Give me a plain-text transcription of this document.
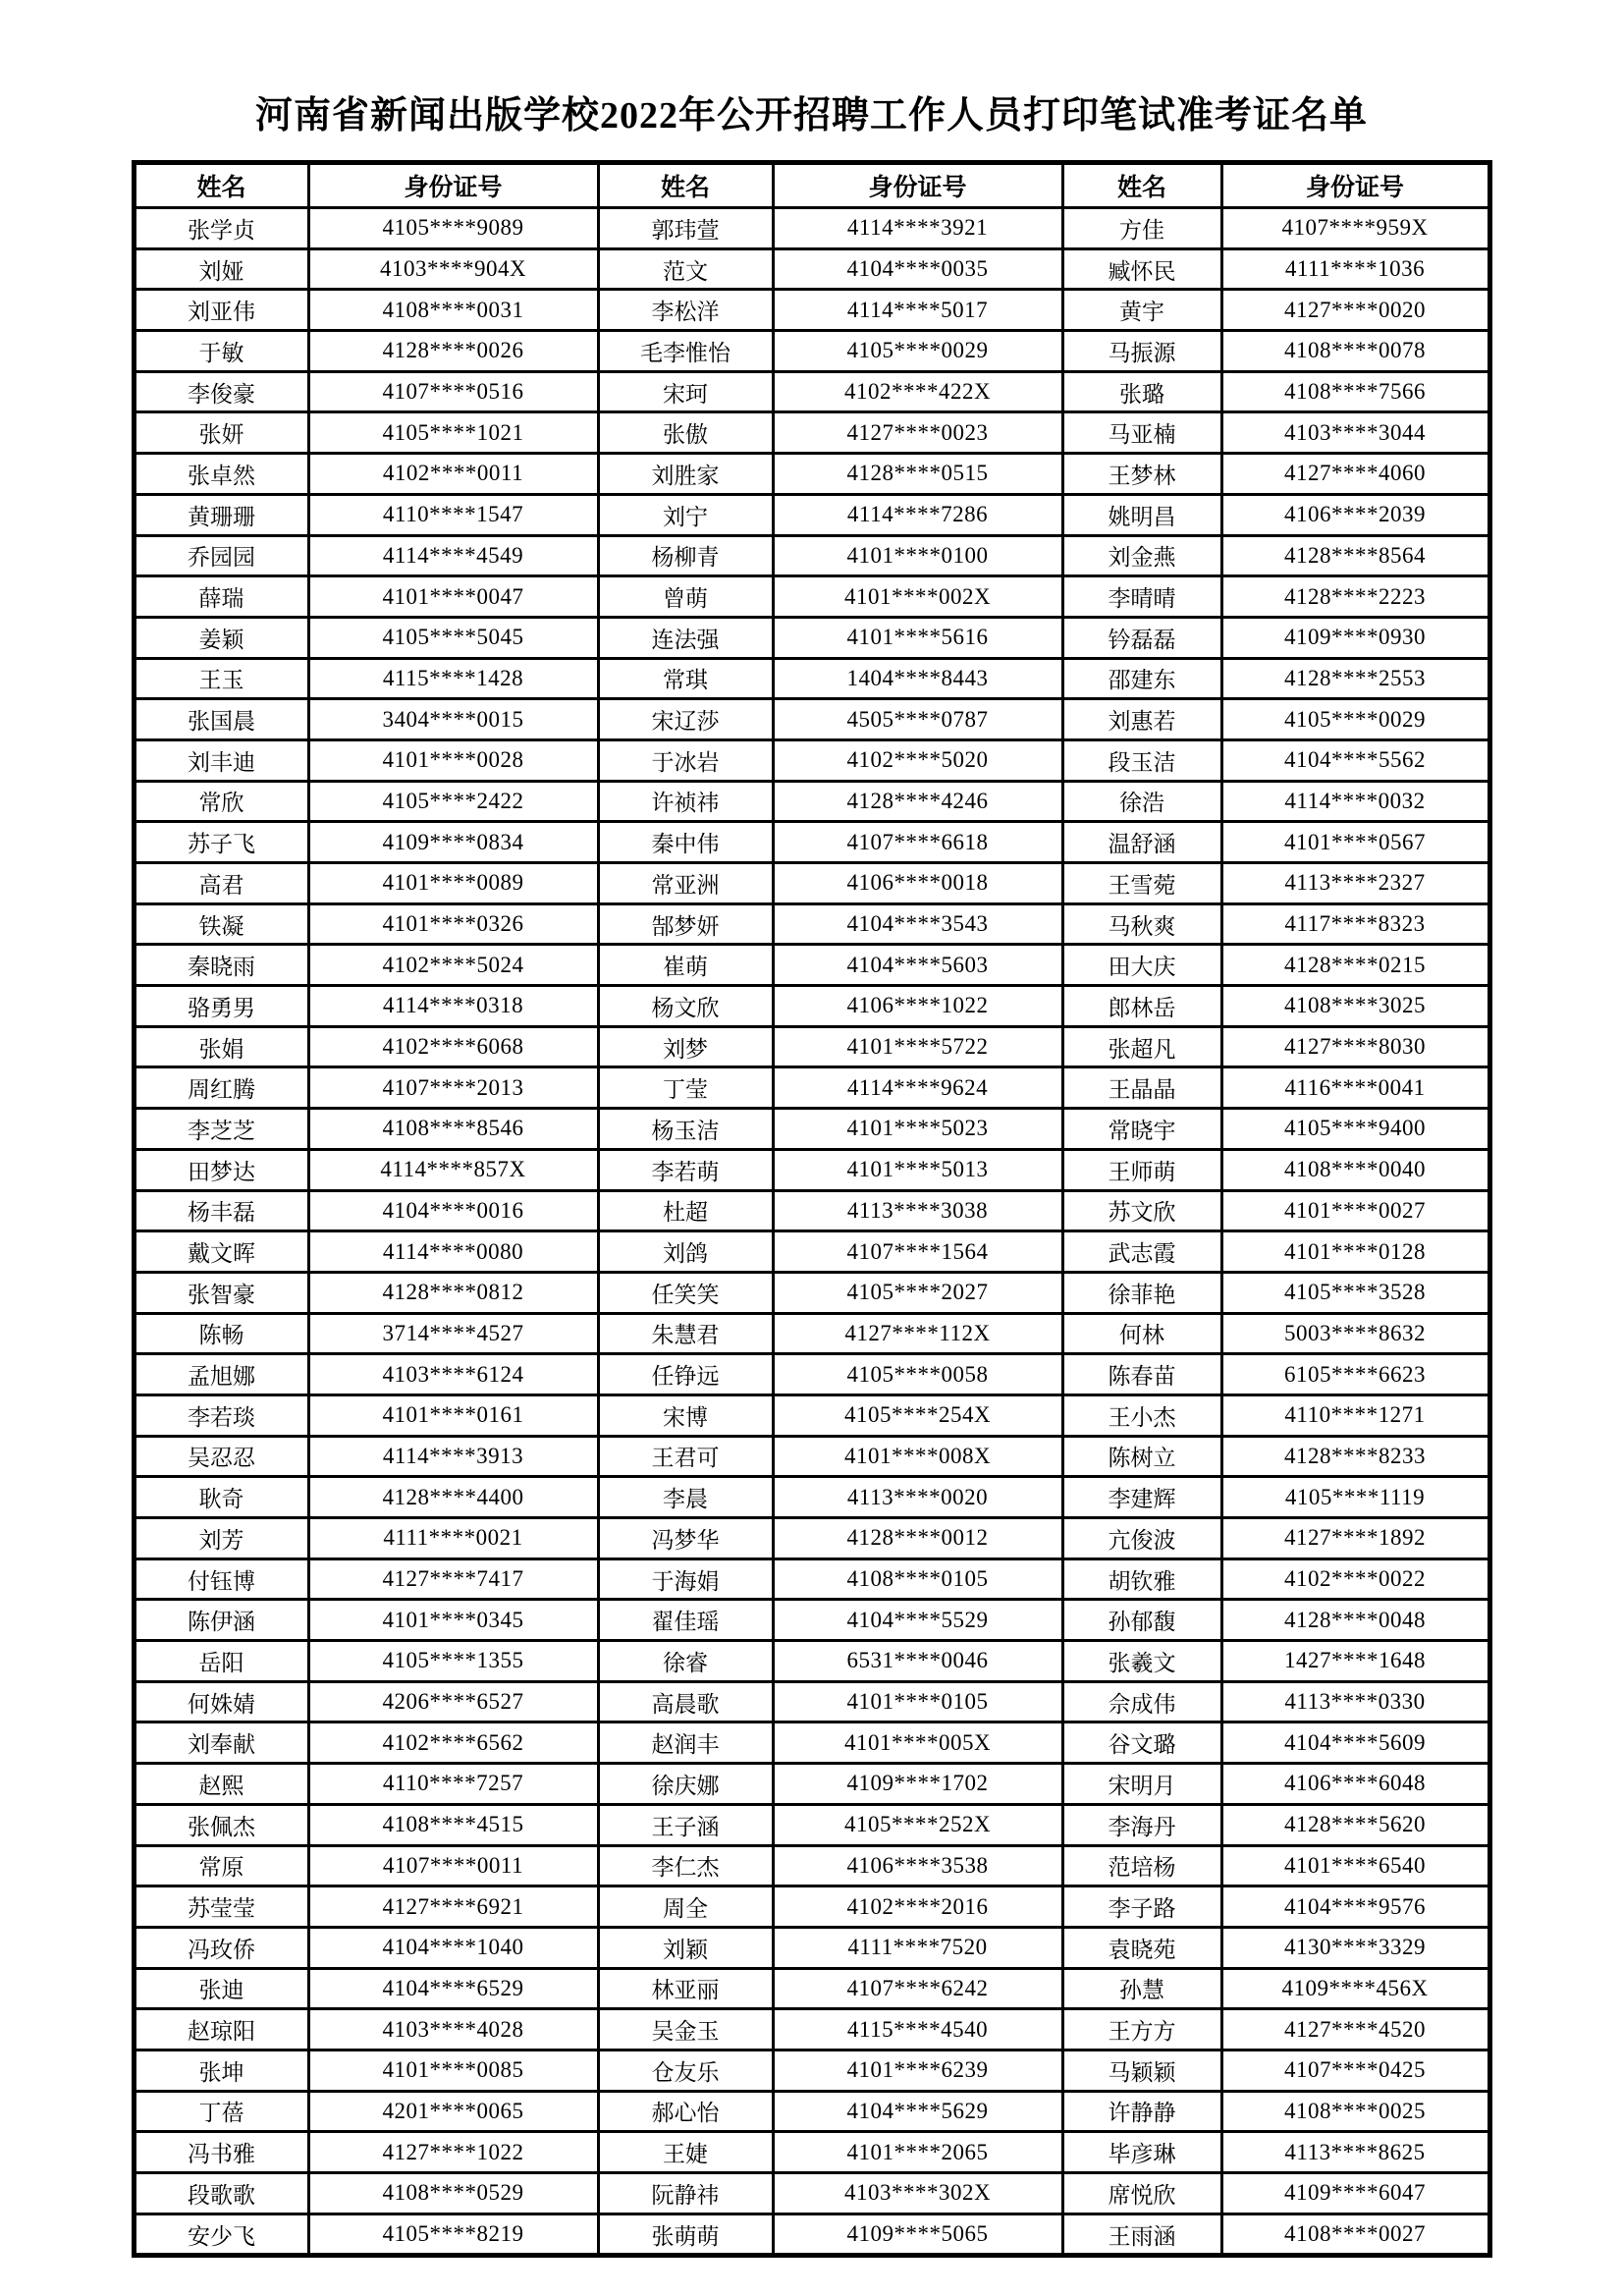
河南省新闻出版学校2022年公开招聘工作人员打印笔试准考证名单
姓名	身份证号	姓名	身份证号	姓名	身份证号
张学贞	4105****9089	郭玮萱	4114****3921	方佳	4107****959X
刘娅	4103****904X	范文	4104****0035	臧怀民	4111****1036
刘亚伟	4108****0031	李松洋	4114****5017	黄宇	4127****0020
于敏	4128****0026	毛李惟怡	4105****0029	马振源	4108****0078
李俊豪	4107****0516	宋珂	4102****422X	张璐	4108****7566
张妍	4105****1021	张傲	4127****0023	马亚楠	4103****3044
张卓然	4102****0011	刘胜家	4128****0515	王梦林	4127****4060
黄珊珊	4110****1547	刘宁	4114****7286	姚明昌	4106****2039
乔园园	4114****4549	杨柳青	4101****0100	刘金燕	4128****8564
薛瑞	4101****0047	曾萌	4101****002X	李晴晴	4128****2223
姜颖	4105****5045	连法强	4101****5616	钤磊磊	4109****0930
王玉	4115****1428	常琪	1404****8443	邵建东	4128****2553
张国晨	3404****0015	宋辽莎	4505****0787	刘惠若	4105****0029
刘丰迪	4101****0028	于冰岩	4102****5020	段玉洁	4104****5562
常欣	4105****2422	许祯祎	4128****4246	徐浩	4114****0032
苏子飞	4109****0834	秦中伟	4107****6618	温舒涵	4101****0567
高君	4101****0089	常亚洲	4106****0018	王雪菀	4113****2327
铁凝	4101****0326	郜梦妍	4104****3543	马秋爽	4117****8323
秦晓雨	4102****5024	崔萌	4104****5603	田大庆	4128****0215
骆勇男	4114****0318	杨文欣	4106****1022	郎林岳	4108****3025
张娟	4102****6068	刘梦	4101****5722	张超凡	4127****8030
周红腾	4107****2013	丁莹	4114****9624	王晶晶	4116****0041
李芝芝	4108****8546	杨玉洁	4101****5023	常晓宇	4105****9400
田梦达	4114****857X	李若萌	4101****5013	王师萌	4108****0040
杨丰磊	4104****0016	杜超	4113****3038	苏文欣	4101****0027
戴文晖	4114****0080	刘鸽	4107****1564	武志霞	4101****0128
张智豪	4128****0812	任笑笑	4105****2027	徐菲艳	4105****3528
陈畅	3714****4527	朱慧君	4127****112X	何林	5003****8632
孟旭娜	4103****6124	任铮远	4105****0058	陈春苗	6105****6623
李若琰	4101****0161	宋博	4105****254X	王小杰	4110****1271
吴忍忍	4114****3913	王君可	4101****008X	陈树立	4128****8233
耿奇	4128****4400	李晨	4113****0020	李建辉	4105****1119
刘芳	4111****0021	冯梦华	4128****0012	亢俊波	4127****1892
付钰博	4127****7417	于海娟	4108****0105	胡钦雅	4102****0022
陈伊涵	4101****0345	翟佳瑶	4104****5529	孙郁馥	4128****0048
岳阳	4105****1355	徐睿	6531****0046	张羲文	1427****1648
何姝婧	4206****6527	高晨歌	4101****0105	佘成伟	4113****0330
刘奉献	4102****6562	赵润丰	4101****005X	谷文璐	4104****5609
赵熙	4110****7257	徐庆娜	4109****1702	宋明月	4106****6048
张佩杰	4108****4515	王子涵	4105****252X	李海丹	4128****5620
常原	4107****0011	李仁杰	4106****3538	范培杨	4101****6540
苏莹莹	4127****6921	周全	4102****2016	李子路	4104****9576
冯玫侨	4104****1040	刘颖	4111****7520	袁晓苑	4130****3329
张迪	4104****6529	林亚丽	4107****6242	孙慧	4109****456X
赵琼阳	4103****4028	吴金玉	4115****4540	王方方	4127****4520
张坤	4101****0085	仓友乐	4101****6239	马颖颖	4107****0425
丁蓓	4201****0065	郝心怡	4104****5629	许静静	4108****0025
冯书雅	4127****1022	王婕	4101****2065	毕彦琳	4113****8625
段歌歌	4108****0529	阮静祎	4103****302X	席悦欣	4109****6047
安少飞	4105****8219	张萌萌	4109****5065	王雨涵	4108****0027
